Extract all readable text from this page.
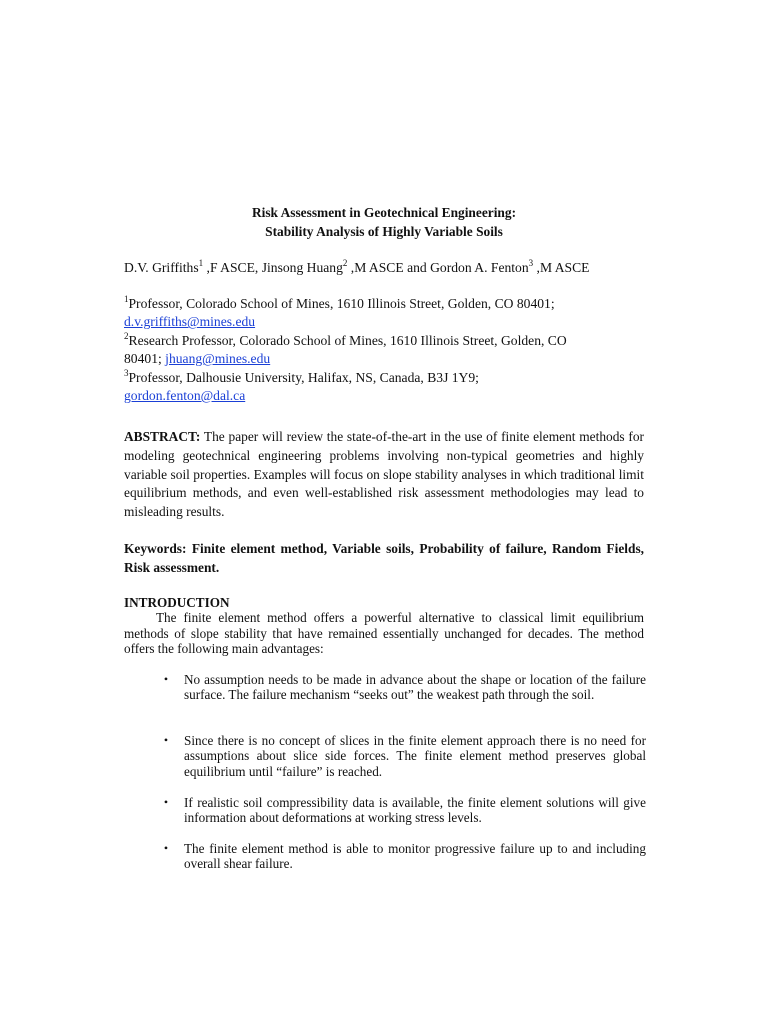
Risk Assessment in Geotechnical Engineering:
Stability Analysis of Highly Variable Soils
D.V. Griffiths$^1$ ,F ASCE, Jinsong Huang$^2$ ,M ASCE and Gordon A. Fenton$^3$ ,M ASCE
$^1$Professor, Colorado School of Mines, 1610 Illinois Street, Golden, CO 80401;
d.v.griffiths@mines.edu
$^2$Research Professor, Colorado School of Mines, 1610 Illinois Street, Golden, CO
80401; jhuang@mines.edu
$^3$Professor, Dalhousie University, Halifax, NS, Canada, B3J 1Y9;
gordon.fenton@dal.ca
ABSTRACT: The paper will review the state-of-the-art in the use of finite element methods for modeling geotechnical engineering problems involving non-typical geometries and highly variable soil properties. Examples will focus on slope stability analyses in which traditional limit equilibrium methods, and even well-established risk assessment methodologies may lead to misleading results.
Keywords: Finite element method, Variable soils, Probability of failure, Random Fields, Risk assessment.
INTRODUCTION
The finite element method offers a powerful alternative to classical limit equilibrium methods of slope stability that have remained essentially unchanged for decades. The method offers the following main advantages:
• No assumption needs to be made in advance about the shape or location of the failure surface. The failure mechanism “seeks out” the weakest path through the soil.
• Since there is no concept of slices in the finite element approach there is no need for assumptions about slice side forces. The finite element method preserves global equilibrium until “failure” is reached.
• If realistic soil compressibility data is available, the finite element solutions will give information about deformations at working stress levels.
• The finite element method is able to monitor progressive failure up to and including overall shear failure.
